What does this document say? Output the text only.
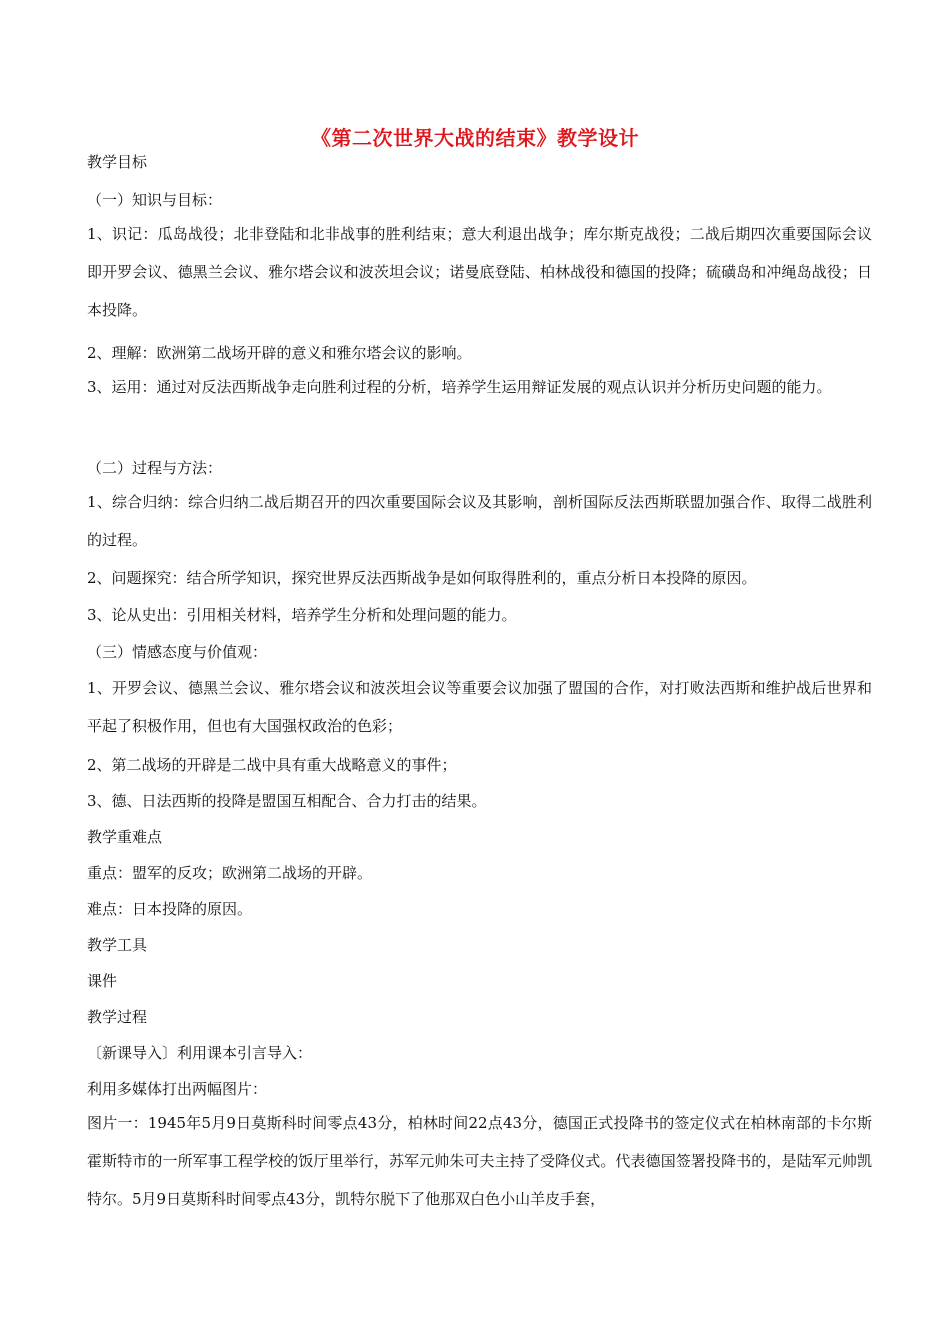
《第二次世界大战的结束》教学设计
教学目标
（一）知识与目标：
1、识记：瓜岛战役；北非登陆和北非战事的胜利结束；意大利退出战争；库尔斯克战役；二战后期四次重要国际会议即开罗会议、德黑兰会议、雅尔塔会议和波茨坦会议；诺曼底登陆、柏林战役和德国的投降；硫磺岛和冲绳岛战役；日本投降。
2、理解：欧洲第二战场开辟的意义和雅尔塔会议的影响。
3、运用：通过对反法西斯战争走向胜利过程的分析，培养学生运用辩证发展的观点认识并分析历史问题的能力。
（二）过程与方法：
1、综合归纳：综合归纳二战后期召开的四次重要国际会议及其影响，剖析国际反法西斯联盟加强合作、取得二战胜利的过程。
2、问题探究：结合所学知识，探究世界反法西斯战争是如何取得胜利的，重点分析日本投降的原因。
3、论从史出：引用相关材料，培养学生分析和处理问题的能力。
（三）情感态度与价值观：
1、开罗会议、德黑兰会议、雅尔塔会议和波茨坦会议等重要会议加强了盟国的合作，对打败法西斯和维护战后世界和平起了积极作用，但也有大国强权政治的色彩；
2、第二战场的开辟是二战中具有重大战略意义的事件；
3、德、日法西斯的投降是盟国互相配合、合力打击的结果。
教学重难点
重点：盟军的反攻；欧洲第二战场的开辟。
难点：日本投降的原因。
教学工具
课件
教学过程
〔新课导入〕利用课本引言导入：
利用多媒体打出两幅图片：
图片一：1945年5月9日莫斯科时间零点43分，柏林时间22点43分，德国正式投降书的签定仪式在柏林南部的卡尔斯霍斯特市的一所军事工程学校的饭厅里举行，苏军元帅朱可夫主持了受降仪式。代表德国签署投降书的，是陆军元帅凯特尔。5月9日莫斯科时间零点43分，凯特尔脱下了他那双白色小山羊皮手套，
